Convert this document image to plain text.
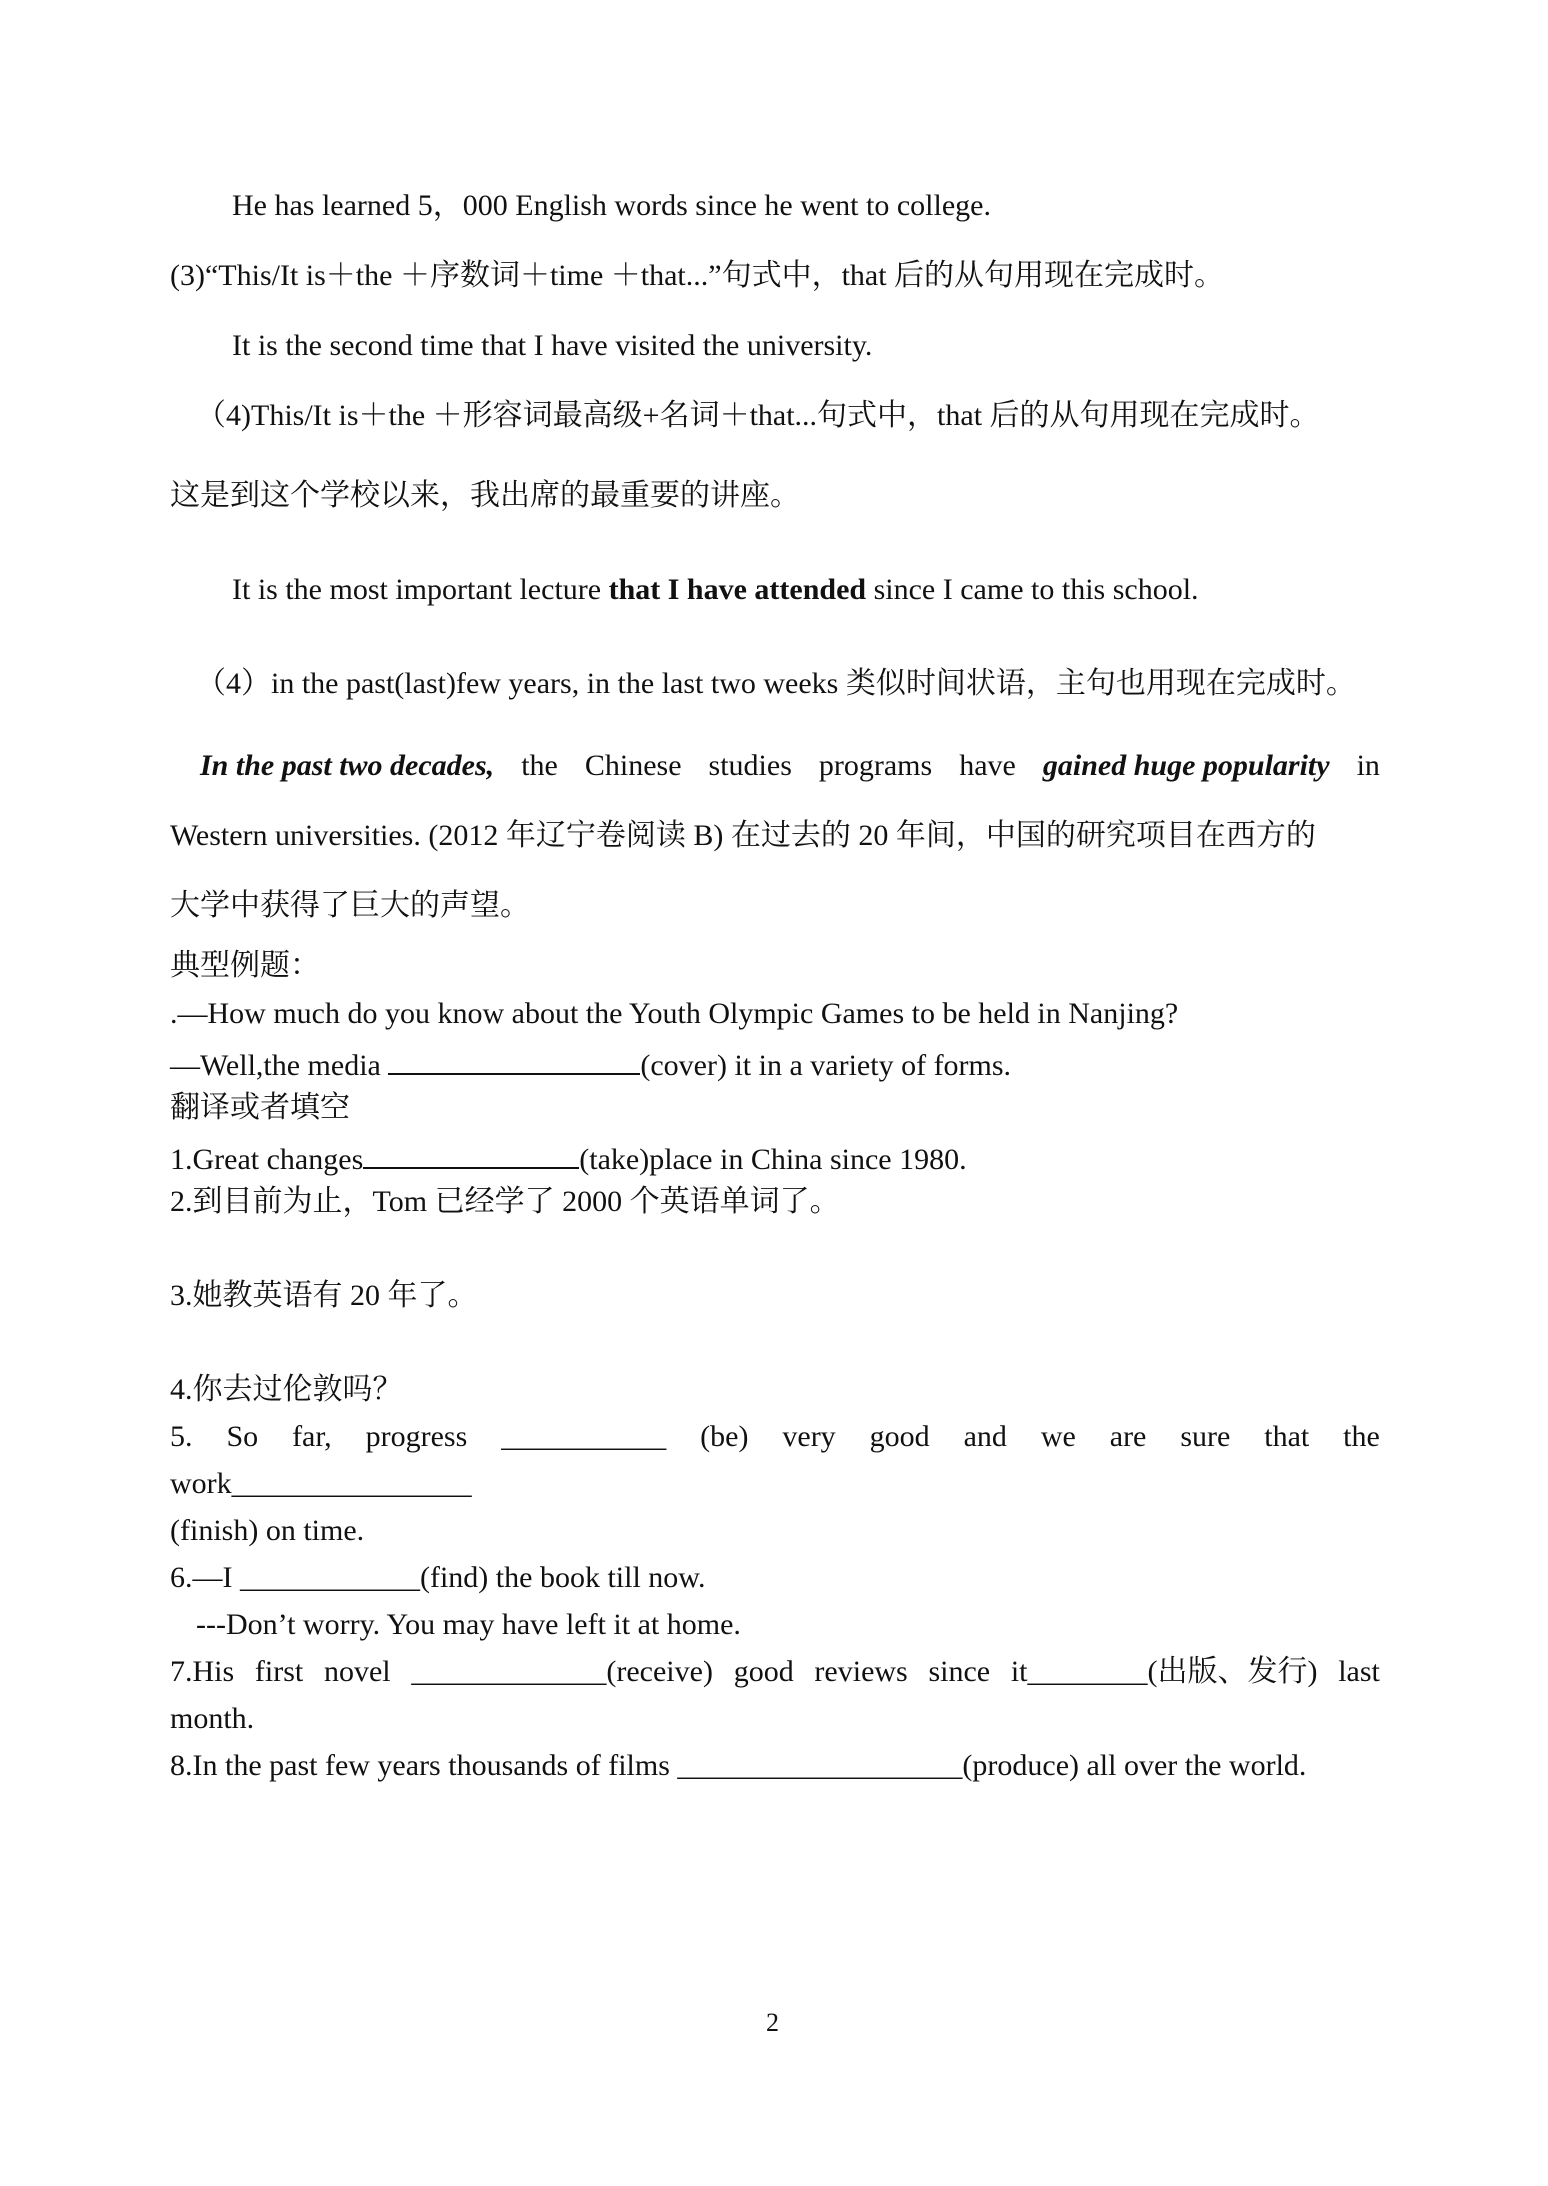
He has learned 5，000 English words since he went to college.
(3)“This/It is＋the ＋序数词＋time ＋that...”句式中，that 后的从句用现在完成时。
It is the second time that I have visited the university.
（4)This/It is＋the ＋形容词最高级+名词＋that...句式中，that 后的从句用现在完成时。
这是到这个学校以来，我出席的最重要的讲座。
It is the most important lecture that I have attended since I came to this school.
（4）in the past(last)few years, in the last two weeks 类似时间状语，主句也用现在完成时。
In the past two decades, the Chinese studies programs have gained huge popularity in
Western universities. (2012 年辽宁卷阅读 B) 在过去的 20 年间，中国的研究项目在西方的
大学中获得了巨大的声望。
典型例题：
.—How much do you know about the Youth Olympic Games to be held in Nanjing?
—Well,the media	(cover) it in a variety of forms.
翻译或者填空
1.Great changes	(take)place in China since 1980.
2.到目前为止，Tom 已经学了 2000 个英语单词了。
3.她教英语有 20 年了。
4.你去过伦敦吗？
5. So far, progress ___________ (be) very good and we are sure that the
work________________
(finish) on time.
6.—I ____________(find) the book till now.
---Don’t worry. You may have left it at home.
7.His first novel _____________(receive) good reviews since it________(出版、发行) last
month.
8.In the past few years thousands of films ___________________(produce) all over the world.
2
